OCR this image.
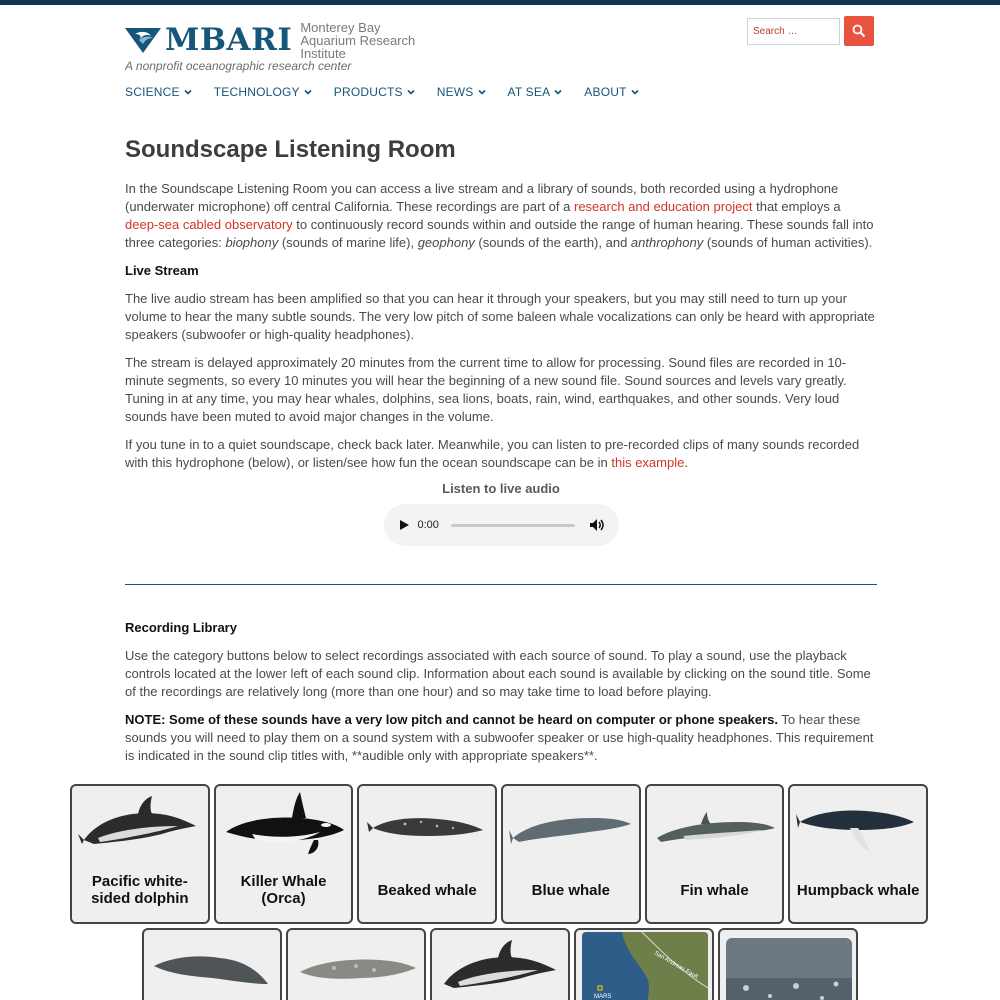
MBARI Monterey Bay Aquarium Research Institute
A nonprofit oceanographic research center
Search …
SCIENCE	TECHNOLOGY	PRODUCTS	NEWS	AT SEA	ABOUT
Soundscape Listening Room

In the Soundscape Listening Room you can access a live stream and a library of sounds, both recorded using a hydrophone (underwater microphone) off central California. These recordings are part of a research and education project that employs a deep-sea cabled observatory to continuously record sounds within and outside the range of human hearing. These sounds fall into three categories: biophony (sounds of marine life), geophony (sounds of the earth), and anthrophony (sounds of human activities).

Live Stream

The live audio stream has been amplified so that you can hear it through your speakers, but you may still need to turn up your volume to hear the many subtle sounds. The very low pitch of some baleen whale vocalizations can only be heard with appropriate speakers (subwoofer or high-quality headphones).

The stream is delayed approximately 20 minutes from the current time to allow for processing. Sound files are recorded in 10-minute segments, so every 10 minutes you will hear the beginning of a new sound file. Sound sources and levels vary greatly. Tuning in at any time, you may hear whales, dolphins, sea lions, boats, rain, wind, earthquakes, and other sounds. Very loud sounds have been muted to avoid major changes in the volume.

If you tune in to a quiet soundscape, check back later. Meanwhile, you can listen to pre-recorded clips of many sounds recorded with this hydrophone (below), or listen/see how fun the ocean soundscape can be in this example.

Listen to live audio
0:00
Recording Library

Use the category buttons below to select recordings associated with each source of sound. To play a sound, use the playback controls located at the lower left of each sound clip. Information about each sound is available by clicking on the sound title. Some of the recordings are relatively long (more than one hour) and so may take time to load before playing.

NOTE: Some of these sounds have a very low pitch and cannot be heard on computer or phone speakers. To hear these sounds you will need to play them on a sound system with a subwoofer speaker or use high-quality headphones. This requirement is indicated in the sound clip titles with, **audible only with appropriate speakers**.

Pacific white-sided dolphin
Killer Whale (Orca)	Beaked whale	Blue whale	Fin whale	Humpback whale
San Andreas Fault
MARS
